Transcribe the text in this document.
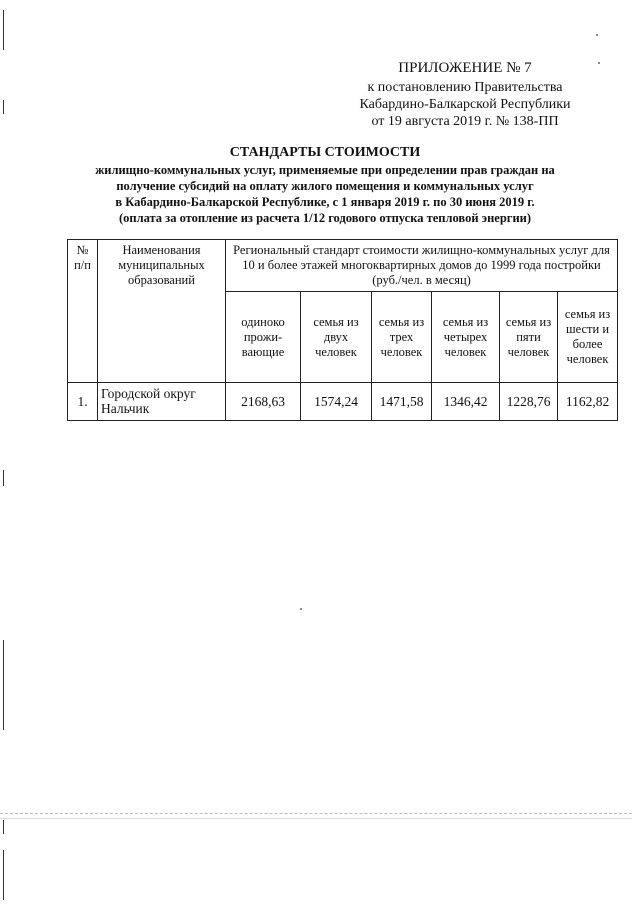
ПРИЛОЖЕНИЕ № 7
к постановлению Правительства
Кабардино-Балкарской Республики
от 19 августа 2019 г. № 138-ПП
СТАНДАРТЫ СТОИМОСТИ
жилищно-коммунальных услуг, применяемые при определении прав граждан на
получение субсидий на оплату жилого помещения и коммунальных услуг
в Кабардино-Балкарской Республике, с 1 января 2019 г. по 30 июня 2019 г.
(оплата за отопление из расчета 1/12 годового отпуска тепловой энергии)
№ п/п	Наименования муниципальных образований	Региональный стандарт стоимости жилищно-коммунальных услуг для 10 и более этажей многоквартирных домов до 1999 года постройки (руб./чел. в месяц)					
		одиноко прожи-вающие	семья из двух человек	семья из трех человек	семья из четырех человек	семья из пяти человек	семья из шести и более человек
1.	Городской округ Нальчик	2168,63	1574,24	1471,58	1346,42	1228,76	1162,82
